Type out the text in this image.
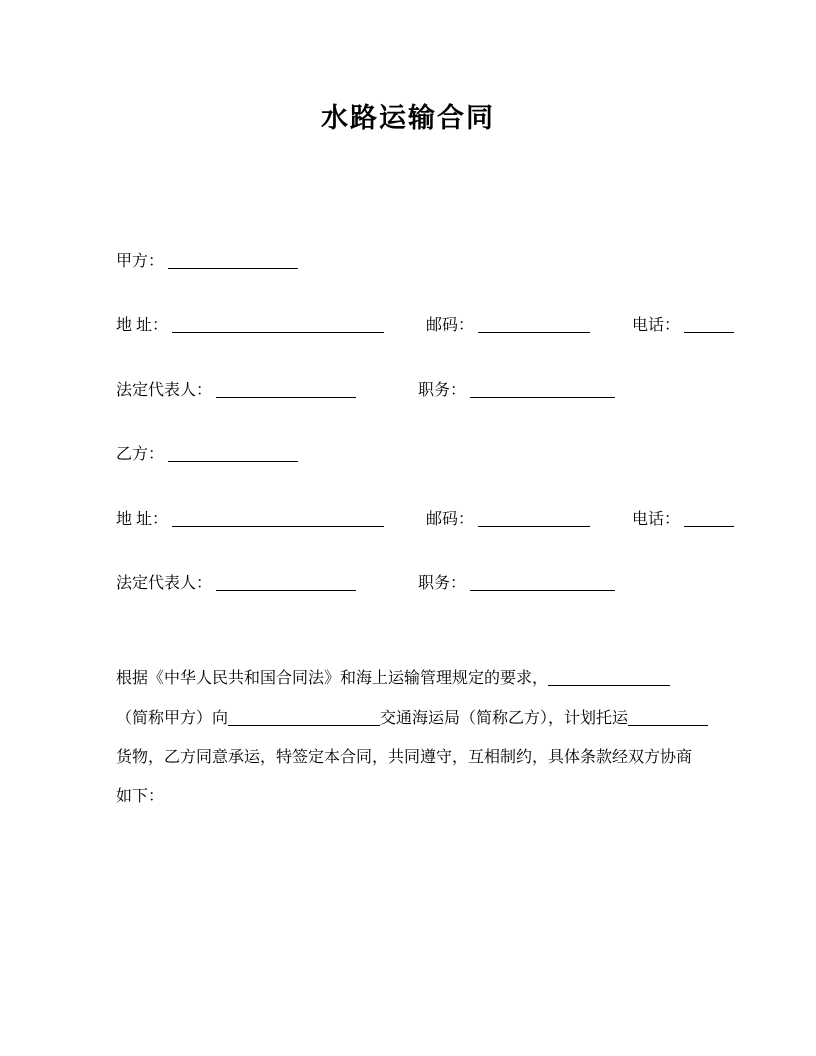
水路运输合同
甲方：
地 址：	邮码：	电话：
法定代表人：	职务：
乙方：
地 址：	邮码：	电话：
法定代表人：	职务：

根据《中华人民共和国合同法》和海上运输管理规定的要求，

（简称甲方）向	交通海运局（简称乙方），计划托运

货物，乙方同意承运，特签定本合同，共同遵守，互相制约，具体条款经双方协商

如下：
